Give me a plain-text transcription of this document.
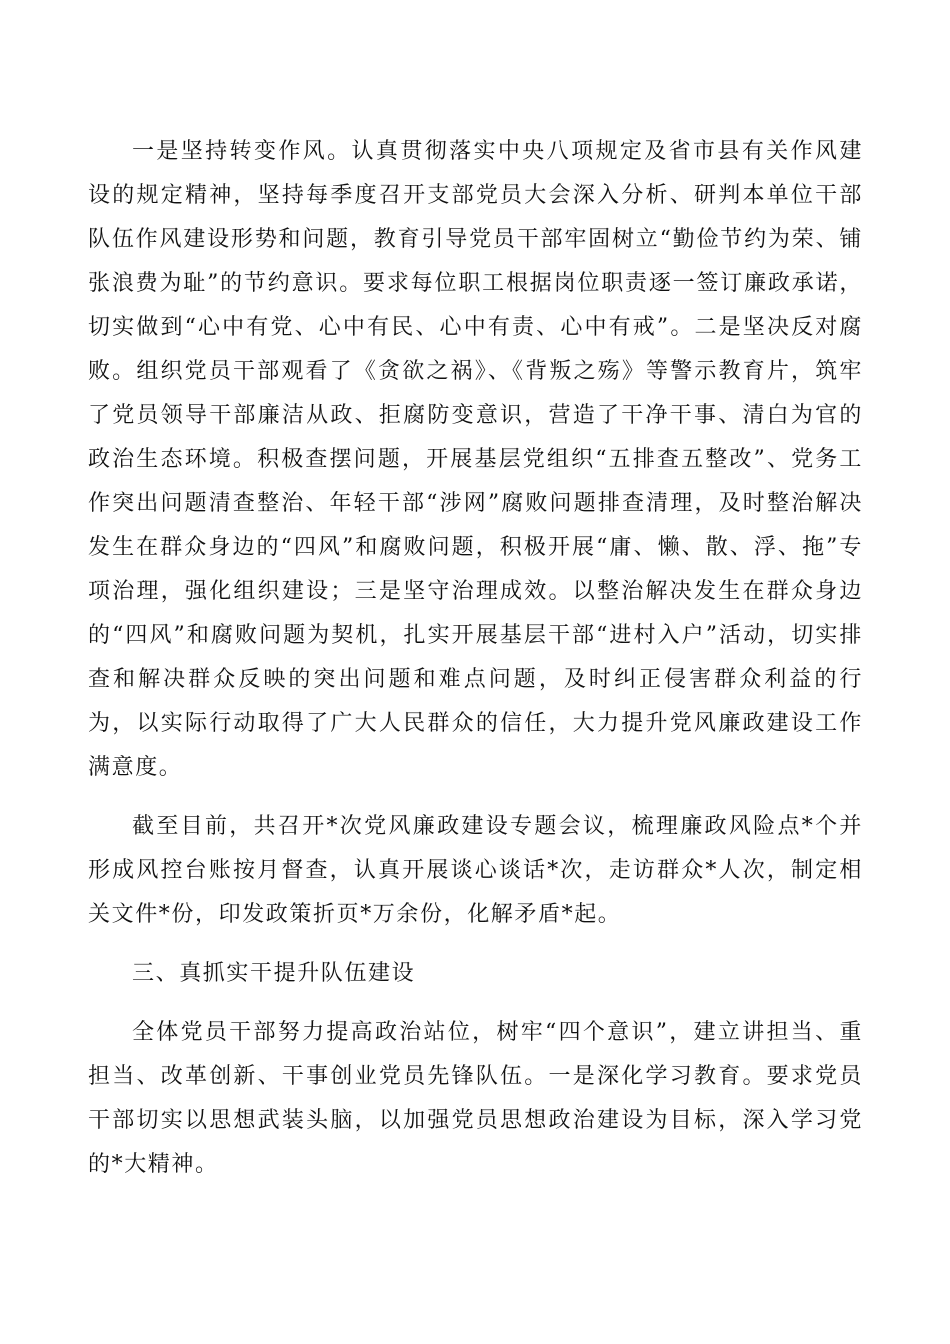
一是坚持转变作风。认真贯彻落实中央八项规定及省市县有关作风建设的规定精神，坚持每季度召开支部党员大会深入分析、研判本单位干部队伍作风建设形势和问题，教育引导党员干部牢固树立“勤俭节约为荣、铺张浪费为耻”的节约意识。要求每位职工根据岗位职责逐一签订廉政承诺，切实做到“心中有党、心中有民、心中有责、心中有戒”。二是坚决反对腐败。组织党员干部观看了《贪欲之祸》、《背叛之殇》等警示教育片，筑牢了党员领导干部廉洁从政、拒腐防变意识，营造了干净干事、清白为官的政治生态环境。积极查摆问题，开展基层党组织“五排查五整改”、党务工作突出问题清查整治、年轻干部“涉网”腐败问题排查清理，及时整治解决发生在群众身边的“四风”和腐败问题，积极开展“庸、懒、散、浮、拖”专项治理，强化组织建设；三是坚守治理成效。以整治解决发生在群众身边的“四风”和腐败问题为契机，扎实开展基层干部“进村入户”活动，切实排查和解决群众反映的突出问题和难点问题，及时纠正侵害群众利益的行为，以实际行动取得了广大人民群众的信任，大力提升党风廉政建设工作满意度。

截至目前，共召开*次党风廉政建设专题会议，梳理廉政风险点*个并形成风控台账按月督查，认真开展谈心谈话*次，走访群众*人次，制定相关文件*份，印发政策折页*万余份，化解矛盾*起。

三、真抓实干提升队伍建设

全体党员干部努力提高政治站位，树牢“四个意识”，建立讲担当、重担当、改革创新、干事创业党员先锋队伍。一是深化学习教育。要求党员干部切实以思想武装头脑，以加强党员思想政治建设为目标，深入学习党的*大精神。
